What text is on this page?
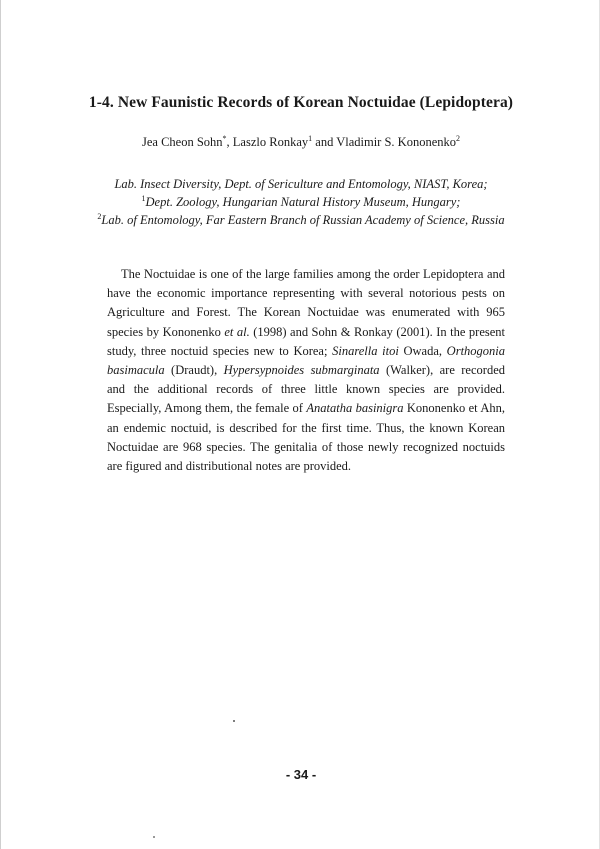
1-4. New Faunistic Records of Korean Noctuidae (Lepidoptera)
Jea Cheon Sohn*, Laszlo Ronkay$^1$ and Vladimir S. Kononenko$^2$
Lab. Insect Diversity, Dept. of Sericulture and Entomology, NIAST, Korea;
$^1$Dept. Zoology, Hungarian Natural History Museum, Hungary;
$^2$Lab. of Entomology, Far Eastern Branch of Russian Academy of Science, Russia
The Noctuidae is one of the large families among the order Lepidoptera and have the economic importance representing with several notorious pests on Agriculture and Forest. The Korean Noctuidae was enumerated with 965 species by Kononenko et al. (1998) and Sohn & Ronkay (2001). In the present study, three noctuid species new to Korea; Sinarella itoi Owada, Orthogonia basimacula (Draudt), Hypersypnoides submarginata (Walker), are recorded and the additional records of three little known species are provided. Especially, Among them, the female of Anatatha basinigra Kononenko et Ahn, an endemic noctuid, is described for the first time. Thus, the known Korean Noctuidae are 968 species. The genitalia of those newly recognized noctuids are figured and distributional notes are provided.
- 34 -
